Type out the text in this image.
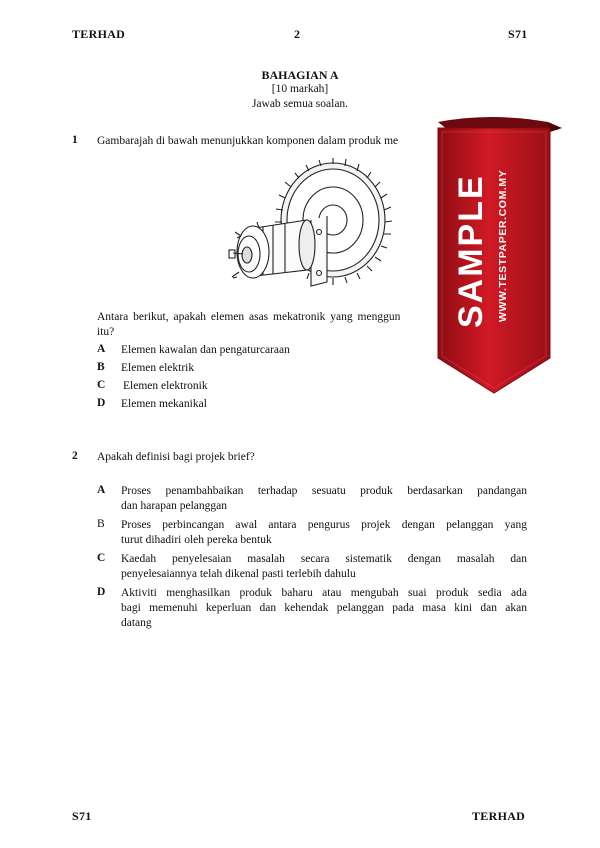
TERHAD	2	S71
BAHAGIAN A
[10 markah]
Jawab semua soalan.
1 Gambarajah di bawah menunjukkan komponen dalam produk me
Antara berikut, apakah elemen asas mekatronik yang menggun
itu?
A Elemen kawalan dan pengaturcaraan
B Elemen elektrik
C Elemen elektronik
D Elemen mekanikal
2 Apakah definisi bagi projek brief?
A Proses penambahbaikan terhadap sesuatu produk berdasarkan pandangan
dan harapan pelanggan
B Proses perbincangan awal antara pengurus projek dengan pelanggan yang
turut dihadiri oleh pereka bentuk
C Kaedah penyelesaian masalah secara sistematik dengan masalah dan
penyelesaiannya telah dikenal pasti terlebih dahulu
D Aktiviti menghasilkan produk baharu atau mengubah suai produk sedia ada
bagi memenuhi keperluan dan kehendak pelanggan pada masa kini dan akan
datang
SAMPLE WWW.TESTPAPER.COM.MY
S71	TERHAD
